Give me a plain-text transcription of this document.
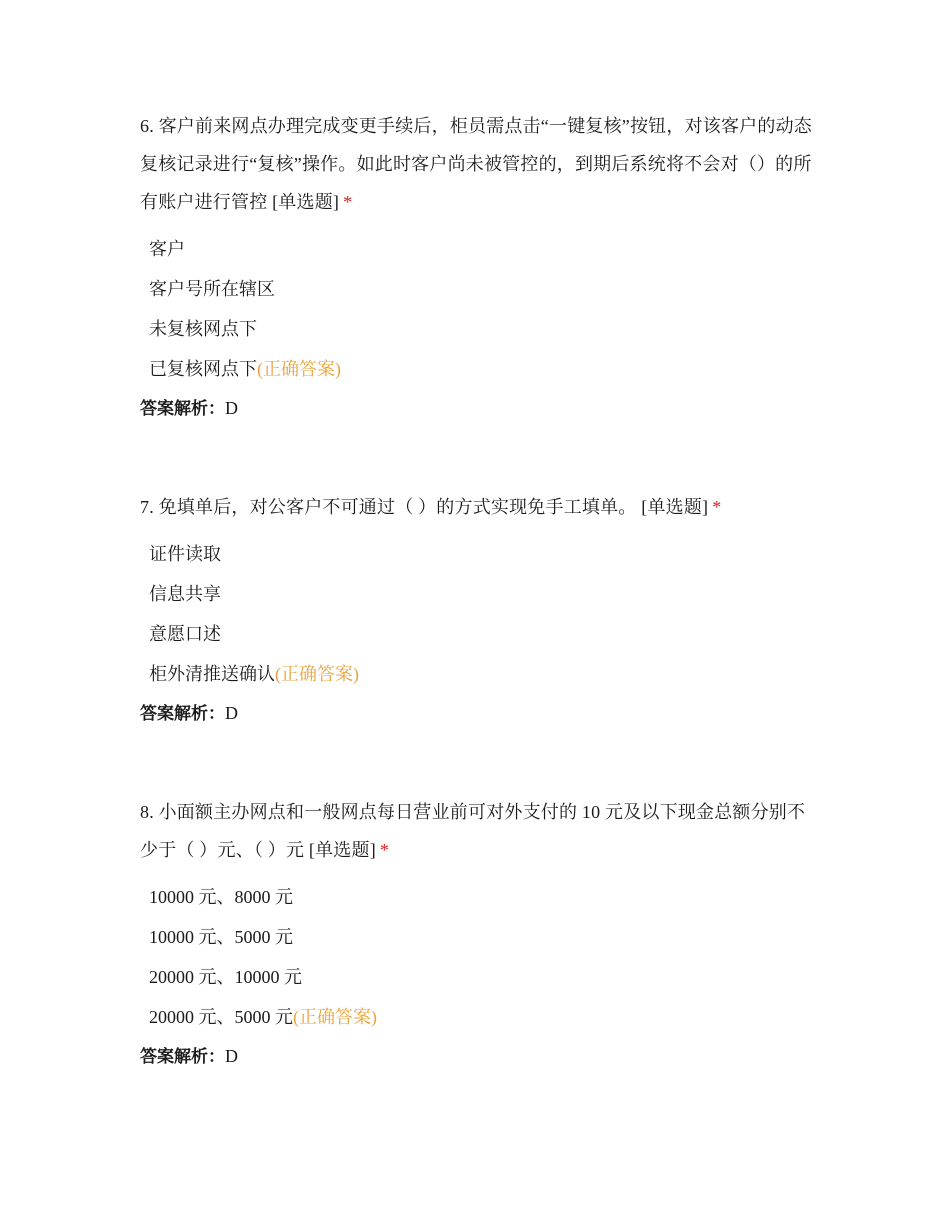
6. 客户前来网点办理完成变更手续后，柜员需点击“一键复核”按钮，对该客户的动态复核记录进行“复核”操作。如此时客户尚未被管控的，到期后系统将不会对（）的所有账户进行管控 [单选题] *

客户
客户号所在辖区
未复核网点下
已复核网点下(正确答案)
答案解析：D

7. 免填单后，对公客户不可通过（ ）的方式实现免手工填单。 [单选题] *

证件读取
信息共享
意愿口述
柜外清推送确认(正确答案)
答案解析：D

8. 小面额主办网点和一般网点每日营业前可对外支付的 10 元及以下现金总额分别不少于（ ）元、（ ）元 [单选题] *

10000 元、8000 元
10000 元、5000 元
20000 元、10000 元
20000 元、5000 元(正确答案)
答案解析：D
